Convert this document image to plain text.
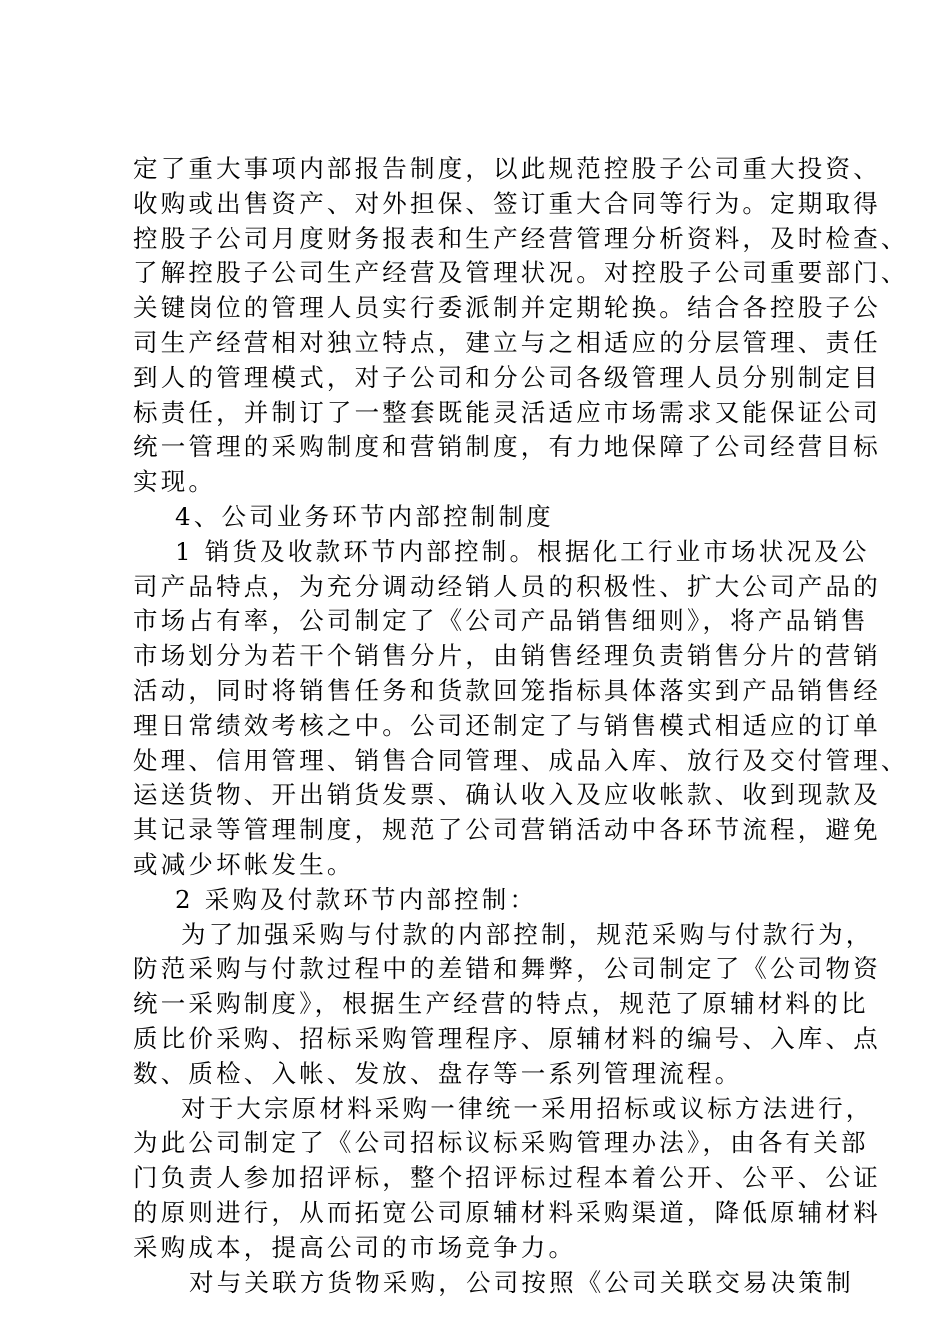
定了重大事项内部报告制度，以此规范控股子公司重大投资、
收购或出售资产、对外担保、签订重大合同等行为。定期取得
控股子公司月度财务报表和生产经营管理分析资料，及时检查、
了解控股子公司生产经营及管理状况。对控股子公司重要部门、
关键岗位的管理人员实行委派制并定期轮换。结合各控股子公
司生产经营相对独立特点，建立与之相适应的分层管理、责任
到人的管理模式，对子公司和分公司各级管理人员分别制定目
标责任，并制订了一整套既能灵活适应市场需求又能保证公司
统一管理的采购制度和营销制度，有力地保障了公司经营目标
实现。
4、公司业务环节内部控制制度
1 销货及收款环节内部控制。根据化工行业市场状况及公
司产品特点，为充分调动经销人员的积极性、扩大公司产品的
市场占有率，公司制定了《公司产品销售细则》，将产品销售
市场划分为若干个销售分片，由销售经理负责销售分片的营销
活动，同时将销售任务和货款回笼指标具体落实到产品销售经
理日常绩效考核之中。公司还制定了与销售模式相适应的订单
处理、信用管理、销售合同管理、成品入库、放行及交付管理、
运送货物、开出销货发票、确认收入及应收帐款、收到现款及
其记录等管理制度，规范了公司营销活动中各环节流程，避免
或减少坏帐发生。
2 采购及付款环节内部控制：
为了加强采购与付款的内部控制，规范采购与付款行为，
防范采购与付款过程中的差错和舞弊，公司制定了《公司物资
统一采购制度》，根据生产经营的特点，规范了原辅材料的比
质比价采购、招标采购管理程序、原辅材料的编号、入库、点
数、质检、入帐、发放、盘存等一系列管理流程。
对于大宗原材料采购一律统一采用招标或议标方法进行，
为此公司制定了《公司招标议标采购管理办法》，由各有关部
门负责人参加招评标，整个招评标过程本着公开、公平、公证
的原则进行，从而拓宽公司原辅材料采购渠道，降低原辅材料
采购成本，提高公司的市场竞争力。
对与关联方货物采购，公司按照《公司关联交易决策制
